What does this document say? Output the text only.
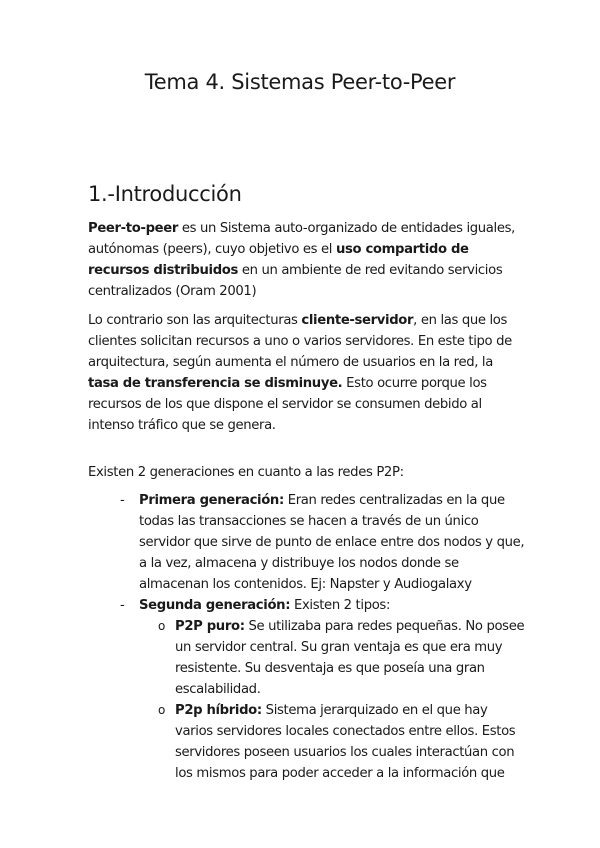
Tema 4. Sistemas Peer-to-Peer
1.-Introducción

Peer-to-peer es un Sistema auto-organizado de entidades iguales, autónomas (peers), cuyo objetivo es el uso compartido de recursos distribuidos en un ambiente de red evitando servicios centralizados (Oram 2001)

Lo contrario son las arquitecturas cliente-servidor, en las que los clientes solicitan recursos a uno o varios servidores. En este tipo de arquitectura, según aumenta el número de usuarios en la red, la tasa de transferencia se disminuye. Esto ocurre porque los recursos de los que dispone el servidor se consumen debido al intenso tráfico que se genera.

Existen 2 generaciones en cuanto a las redes P2P:

- Primera generación: Eran redes centralizadas en la que todas las transacciones se hacen a través de un único servidor que sirve de punto de enlace entre dos nodos y que, a la vez, almacena y distribuye los nodos donde se almacenan los contenidos. Ej: Napster y Audiogalaxy
- Segunda generación: Existen 2 tipos:
o P2P puro: Se utilizaba para redes pequeñas. No posee un servidor central. Su gran ventaja es que era muy resistente. Su desventaja es que poseía una gran escalabilidad.
o P2p híbrido: Sistema jerarquizado en el que hay varios servidores locales conectados entre ellos. Estos servidores poseen usuarios los cuales interactúan con los mismos para poder acceder a la información que
